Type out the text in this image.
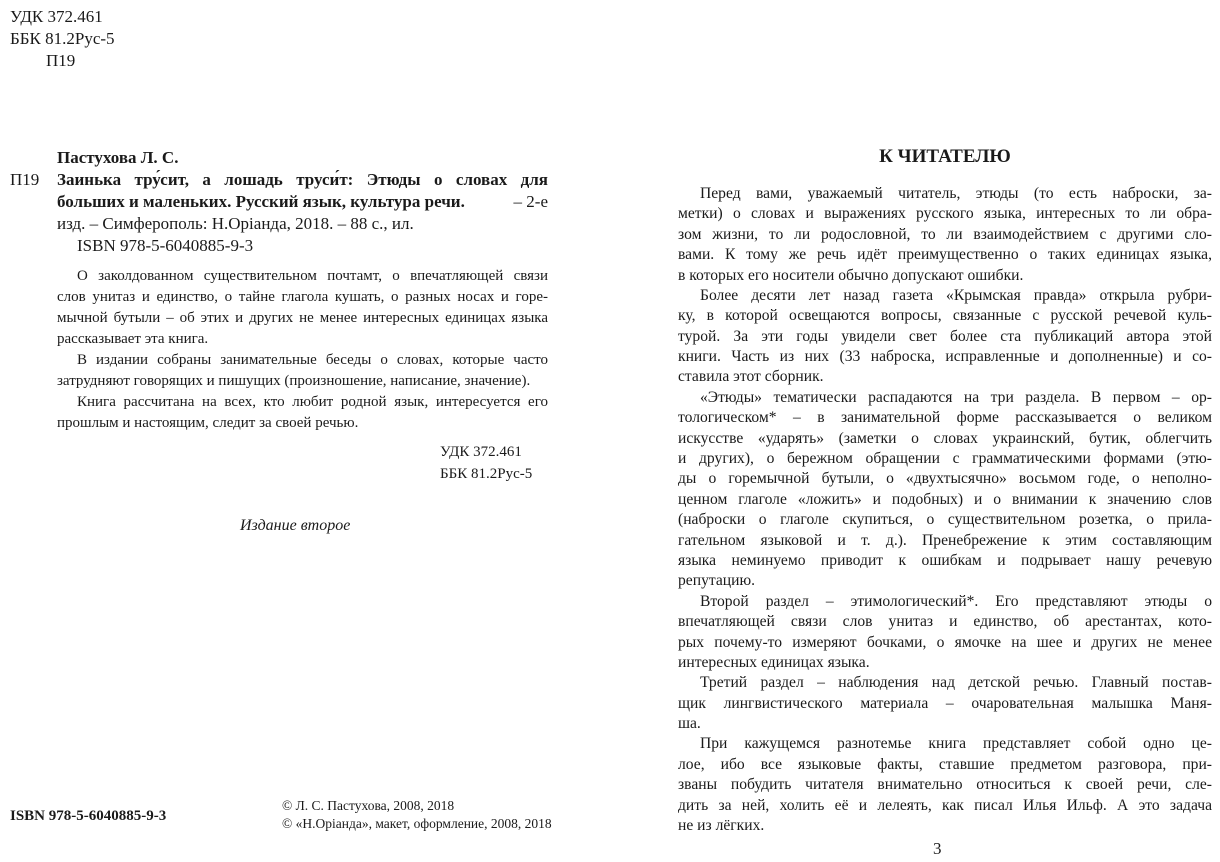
УДК 372.461
ББК 81.2Рус-5
П19
Пастухова Л. С.
П19 Заинька тру́сит, а лошадь труси́т: Этюды о словах для
больших и маленьких. Русский язык, культура речи.	– 2-е
изд. – Симферополь: Н.Оріанда, 2018. – 88 с., ил.
ISBN 978-5-6040885-9-3
О заколдованном существительном почтамт, о впечатляющей связи
слов унитаз и единство, о тайне глагола кушать, о разных носах и горе-
мычной бутыли – об этих и других не менее интересных единицах языка
рассказывает эта книга.
В издании собраны занимательные беседы о словах, которые часто
затрудняют говорящих и пишущих (произношение, написание, значение).
Книга рассчитана на всех, кто любит родной язык, интересуется его
прошлым и настоящим, следит за своей речью.
УДК 372.461
ББК 81.2Рус-5
Издание второе
ISBN 978-5-6040885-9-3
© Л. С. Пастухова, 2008, 2018
© «Н.Оріанда», макет, оформление, 2008, 2018
К ЧИТАТЕЛЮ
Перед вами, уважаемый читатель, этюды (то есть наброски, за-
метки) о словах и выражениях русского языка, интересных то ли обра-
зом жизни, то ли родословной, то ли взаимодействием с другими сло-
вами. К тому же речь идёт преимущественно о таких единицах языка,
в которых его носители обычно допускают ошибки.
Более десяти лет назад газета «Крымская правда» открыла рубри-
ку, в которой освещаются вопросы, связанные с русской речевой куль-
турой. За эти годы увидели свет более ста публикаций автора этой
книги. Часть из них (33 наброска, исправленные и дополненные) и со-
ставила этот сборник.
«Этюды» тематически распадаются на три раздела. В первом – ор-
тологическом* – в занимательной форме рассказывается о великом
искусстве «ударять» (заметки о словах украинский, бутик, облегчить
и других), о бережном обращении с грамматическими формами (этю-
ды о горемычной бутыли, о «двухтысячно» восьмом годе, о неполно-
ценном глаголе «ложить» и подобных) и о внимании к значению слов
(наброски о глаголе скупиться, о существительном розетка, о прила-
гательном языковой и т. д.). Пренебрежение к этим составляющим
языка неминуемо приводит к ошибкам и подрывает нашу речевую
репутацию.
Второй раздел – этимологический*. Его представляют этюды о
впечатляющей связи слов унитаз и единство, об арестантах, кото-
рых почему-то измеряют бочками, о ямочке на шее и других не менее
интересных единицах языка.
Третий раздел – наблюдения над детской речью. Главный постав-
щик лингвистического материала – очаровательная малышка Маня-
ша.
При кажущемся разнотемье книга представляет собой одно це-
лое, ибо все языковые факты, ставшие предметом разговора, при-
званы побудить читателя внимательно относиться к своей речи, сле-
дить за ней, холить её и лелеять, как писал Илья Ильф. А это задача
не из лёгких.
3
